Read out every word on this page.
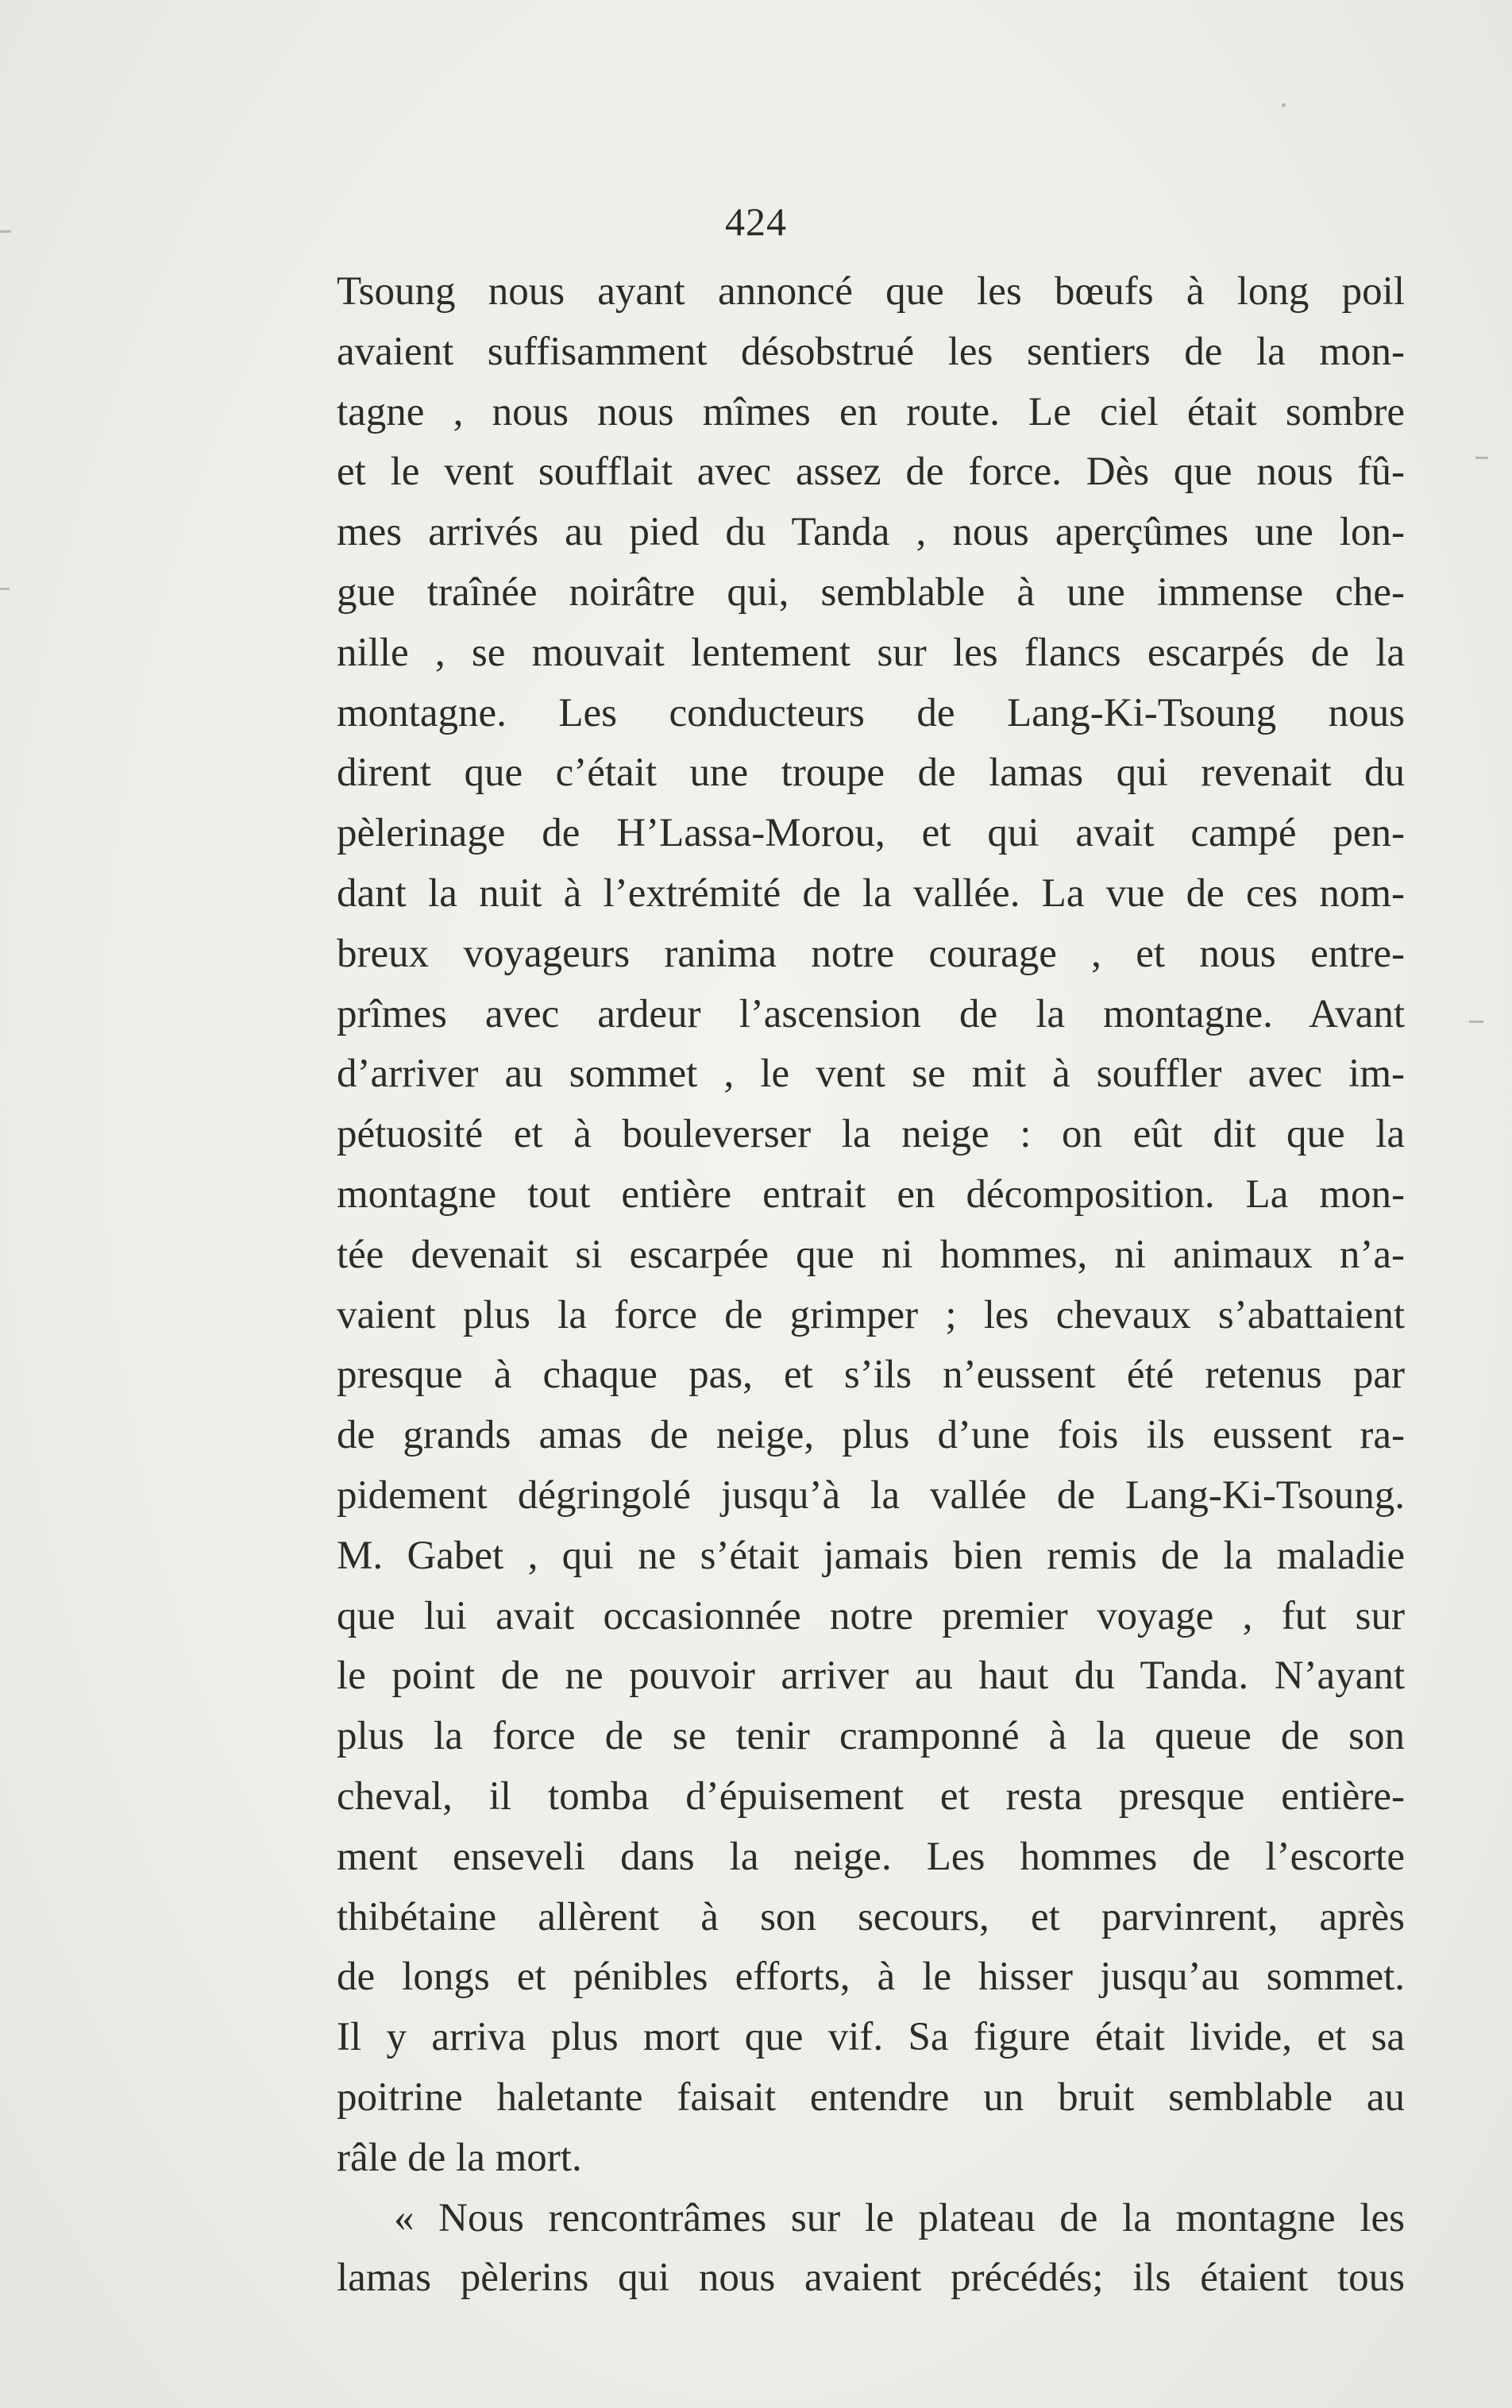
424
Tsoung nous ayant annoncé que les bœufs à long poil
avaient suffisamment désobstrué les sentiers de la mon-
tagne , nous nous mîmes en route. Le ciel était sombre
et le vent soufflait avec assez de force. Dès que nous fû-
mes arrivés au pied du Tanda , nous aperçûmes une lon-
gue traînée noirâtre qui, semblable à une immense che-
nille , se mouvait lentement sur les flancs escarpés de la
montagne. Les conducteurs de Lang-Ki-Tsoung nous
dirent que c’était une troupe de lamas qui revenait du
pèlerinage de H’Lassa-Morou, et qui avait campé pen-
dant la nuit à l’extrémité de la vallée. La vue de ces nom-
breux voyageurs ranima notre courage , et nous entre-
prîmes avec ardeur l’ascension de la montagne. Avant
d’arriver au sommet , le vent se mit à souffler avec im-
pétuosité et à bouleverser la neige : on eût dit que la
montagne tout entière entrait en décomposition. La mon-
tée devenait si escarpée que ni hommes, ni animaux n’a-
vaient plus la force de grimper ; les chevaux s’abattaient
presque à chaque pas, et s’ils n’eussent été retenus par
de grands amas de neige, plus d’une fois ils eussent ra-
pidement dégringolé jusqu’à la vallée de Lang-Ki-Tsoung.
M. Gabet , qui ne s’était jamais bien remis de la maladie
que lui avait occasionnée notre premier voyage , fut sur
le point de ne pouvoir arriver au haut du Tanda. N’ayant
plus la force de se tenir cramponné à la queue de son
cheval, il tomba d’épuisement et resta presque entière-
ment enseveli dans la neige. Les hommes de l’escorte
thibétaine allèrent à son secours, et parvinrent, après
de longs et pénibles efforts, à le hisser jusqu’au sommet.
Il y arriva plus mort que vif. Sa figure était livide, et sa
poitrine haletante faisait entendre un bruit semblable au
râle de la mort.
« Nous rencontrâmes sur le plateau de la montagne les
lamas pèlerins qui nous avaient précédés; ils étaient tous
